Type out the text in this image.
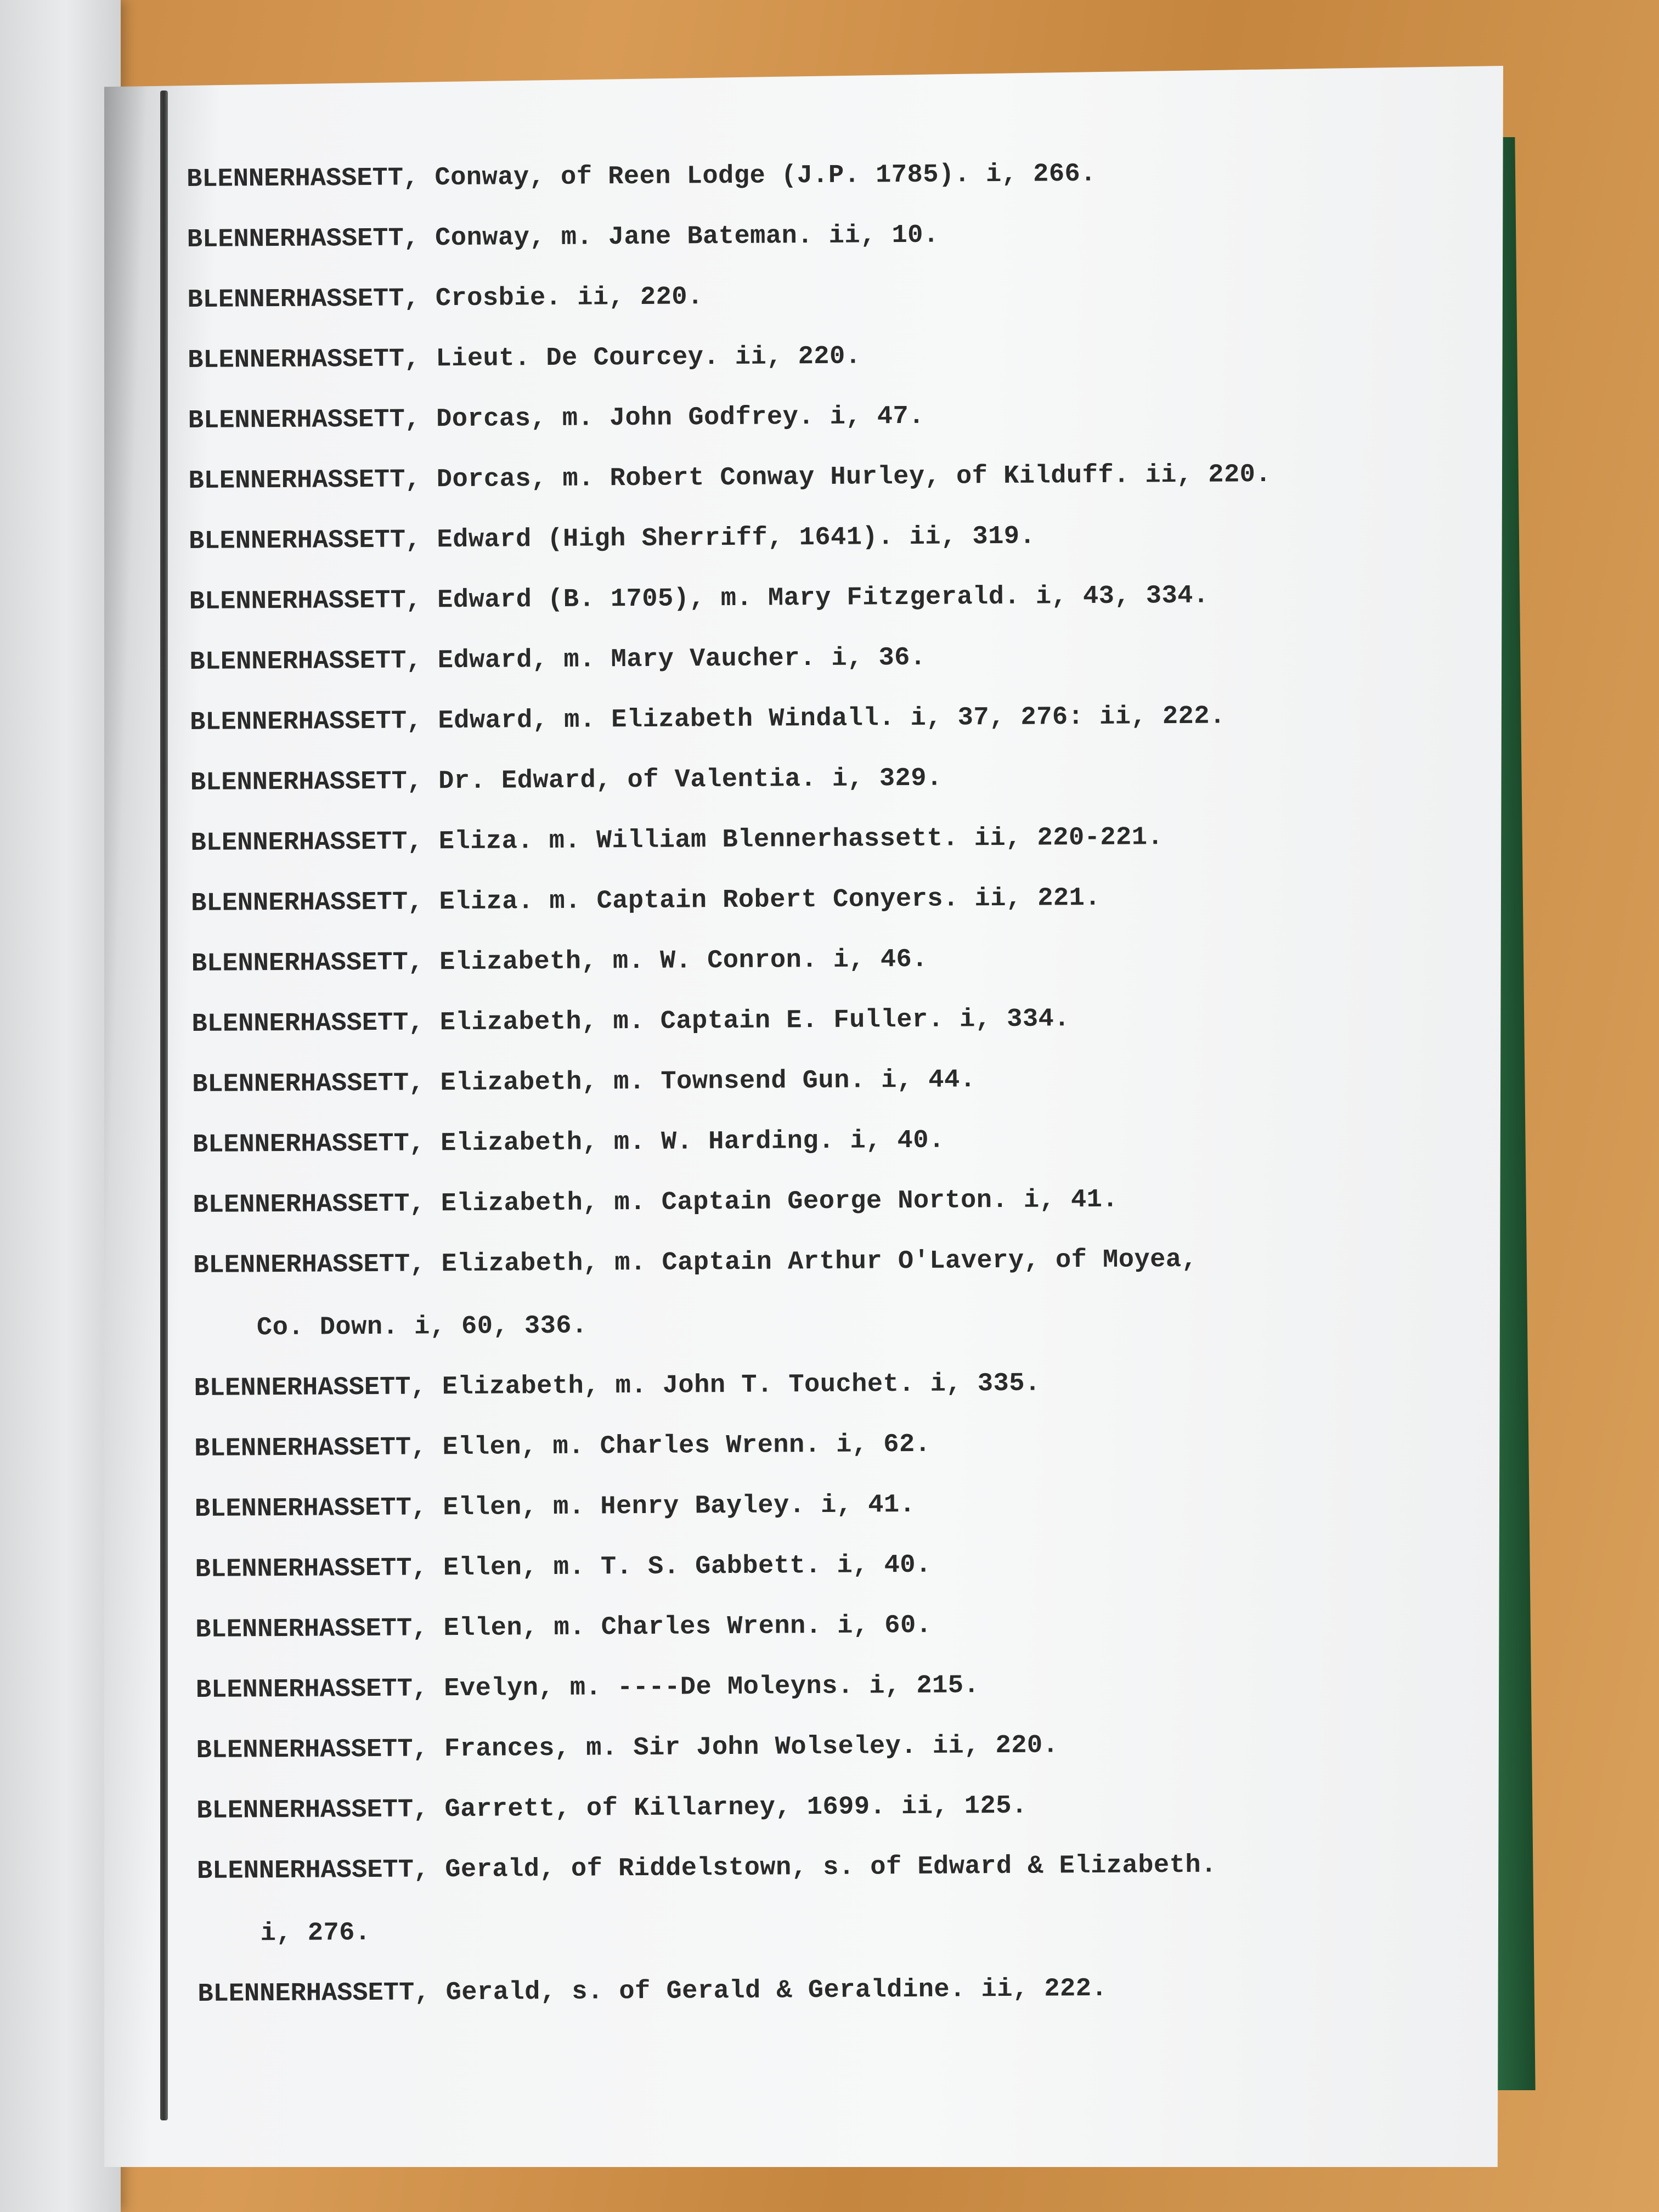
BLENNERHASSETT, Conway, of Reen Lodge (J.P. 1785). i, 266.
BLENNERHASSETT, Conway, m. Jane Bateman. ii, 10.
BLENNERHASSETT, Crosbie. ii, 220.
BLENNERHASSETT, Lieut. De Courcey. ii, 220.
BLENNERHASSETT, Dorcas, m. John Godfrey. i, 47.
BLENNERHASSETT, Dorcas, m. Robert Conway Hurley, of Kilduff. ii, 220.
BLENNERHASSETT, Edward (High Sherriff, 1641). ii, 319.
BLENNERHASSETT, Edward (B. 1705), m. Mary Fitzgerald. i, 43, 334.
BLENNERHASSETT, Edward, m. Mary Vaucher. i, 36.
BLENNERHASSETT, Edward, m. Elizabeth Windall. i, 37, 276: ii, 222.
BLENNERHASSETT, Dr. Edward, of Valentia. i, 329.
BLENNERHASSETT, Eliza. m. William Blennerhassett. ii, 220-221.
BLENNERHASSETT, Eliza. m. Captain Robert Conyers. ii, 221.
BLENNERHASSETT, Elizabeth, m. W. Conron. i, 46.
BLENNERHASSETT, Elizabeth, m. Captain E. Fuller. i, 334.
BLENNERHASSETT, Elizabeth, m. Townsend Gun. i, 44.
BLENNERHASSETT, Elizabeth, m. W. Harding. i, 40.
BLENNERHASSETT, Elizabeth, m. Captain George Norton. i, 41.
BLENNERHASSETT, Elizabeth, m. Captain Arthur O'Lavery, of Moyea,
Co. Down. i, 60, 336.
BLENNERHASSETT, Elizabeth, m. John T. Touchet. i, 335.
BLENNERHASSETT, Ellen, m. Charles Wrenn. i, 62.
BLENNERHASSETT, Ellen, m. Henry Bayley. i, 41.
BLENNERHASSETT, Ellen, m. T. S. Gabbett. i, 40.
BLENNERHASSETT, Ellen, m. Charles Wrenn. i, 60.
BLENNERHASSETT, Evelyn, m. ----De Moleyns. i, 215.
BLENNERHASSETT, Frances, m. Sir John Wolseley. ii, 220.
BLENNERHASSETT, Garrett, of Killarney, 1699. ii, 125.
BLENNERHASSETT, Gerald, of Riddelstown, s. of Edward & Elizabeth.
i, 276.
BLENNERHASSETT, Gerald, s. of Gerald & Geraldine. ii, 222.
